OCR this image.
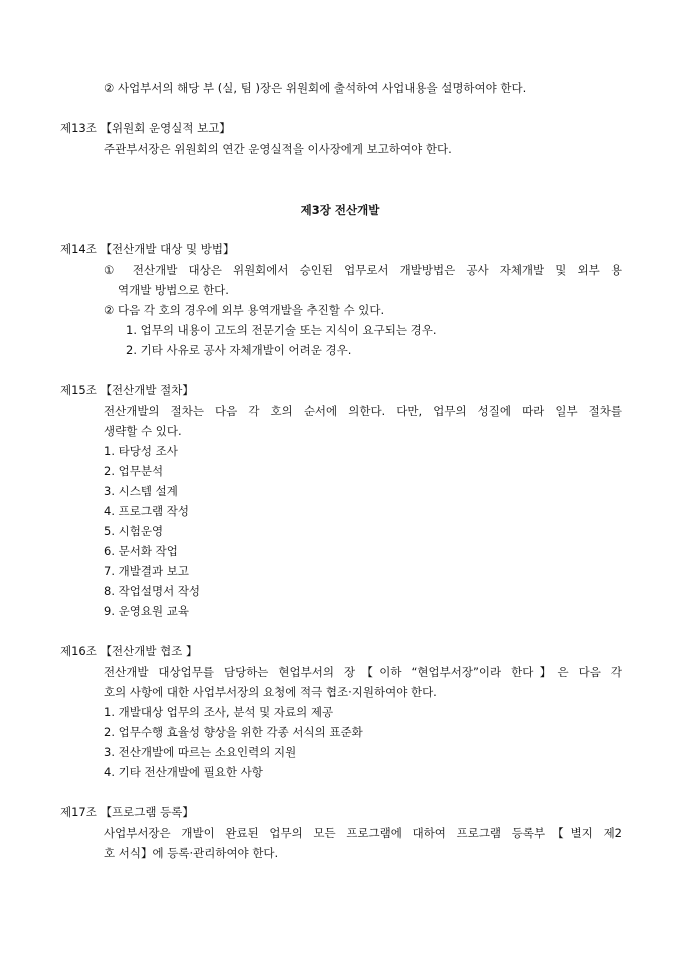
② 사업부서의 해당 부 (실, 팀 )장은 위원회에 출석하여 사업내용을 설명하여야 한다.
제13조 【위원회 운영실적 보고】
주관부서장은 위원회의 연간 운영실적을 이사장에게 보고하여야 한다.
제3장 전산개발
제14조 【전산개발 대상 및 방법】
① 전산개발 대상은 위원회에서 승인된 업무로서 개발방법은 공사 자체개발 및 외부 용
역개발 방법으로 한다.
② 다음 각 호의 경우에 외부 용역개발을 추진할 수 있다.
1. 업무의 내용이 고도의 전문기술 또는 지식이 요구되는 경우.
2. 기타 사유로 공사 자체개발이 어려운 경우.
제15조 【전산개발 절차】
전산개발의 절차는 다음 각 호의 순서에 의한다. 다만, 업무의 성질에 따라 일부 절차를
생략할 수 있다.
1. 타당성 조사
2. 업무분석
3. 시스템 설계
4. 프로그램 작성
5. 시험운영
6. 문서화 작업
7. 개발결과 보고
8. 작업설명서 작성
9. 운영요원 교육
제16조 【전산개발 협조 】
전산개발 대상업무를 담당하는 현업부서의 장【이하 “현업부서장”이라 한다】은 다음 각
호의 사항에 대한 사업부서장의 요청에 적극 협조·지원하여야 한다.
1. 개발대상 업무의 조사, 분석 및 자료의 제공
2. 업무수행 효율성 향상을 위한 각종 서식의 표준화
3. 전산개발에 따르는 소요인력의 지원
4. 기타 전산개발에 필요한 사항
제17조 【프로그램 등록】
사업부서장은 개발이 완료된 업무의 모든 프로그램에 대하여 프로그램 등록부【별지 제2
호 서식】에 등록·관리하여야 한다.
